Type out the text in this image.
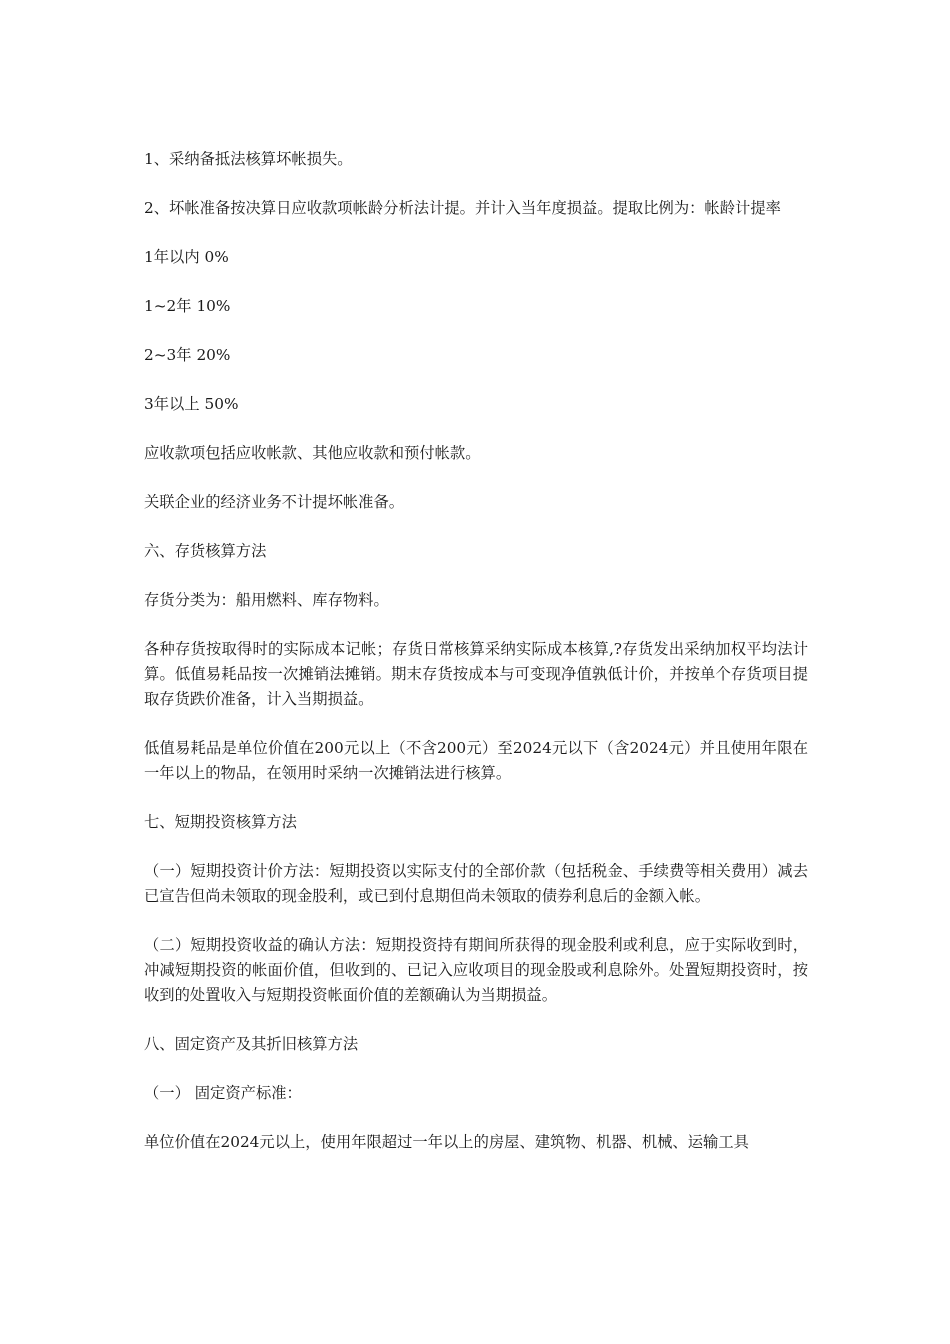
1、采纳备抵法核算坏帐损失。

2、坏帐准备按决算日应收款项帐龄分析法计提。并计入当年度损益。提取比例为：帐龄计提率

1年以内 0%

1~2年 10%

2~3年 20%

3年以上 50%

应收款项包括应收帐款、其他应收款和预付帐款。

关联企业的经济业务不计提坏帐准备。

六、存货核算方法

存货分类为：船用燃料、库存物料。

各种存货按取得时的实际成本记帐；存货日常核算采纳实际成本核算,?存货发出采纳加权平均法计算。低值易耗品按一次摊销法摊销。期末存货按成本与可变现净值孰低计价，并按单个存货项目提取存货跌价准备，计入当期损益。

低值易耗品是单位价值在200元以上（不含200元）至2024元以下（含2024元）并且使用年限在一年以上的物品，在领用时采纳一次摊销法进行核算。

七、短期投资核算方法

（一）短期投资计价方法：短期投资以实际支付的全部价款（包括税金、手续费等相关费用）减去已宣告但尚未领取的现金股利，或已到付息期但尚未领取的债券利息后的金额入帐。

（二）短期投资收益的确认方法：短期投资持有期间所获得的现金股利或利息，应于实际收到时，冲减短期投资的帐面价值，但收到的、已记入应收项目的现金股或利息除外。处置短期投资时，按收到的处置收入与短期投资帐面价值的差额确认为当期损益。

八、固定资产及其折旧核算方法

（一） 固定资产标准：

单位价值在2024元以上，使用年限超过一年以上的房屋、建筑物、机器、机械、运输工具
